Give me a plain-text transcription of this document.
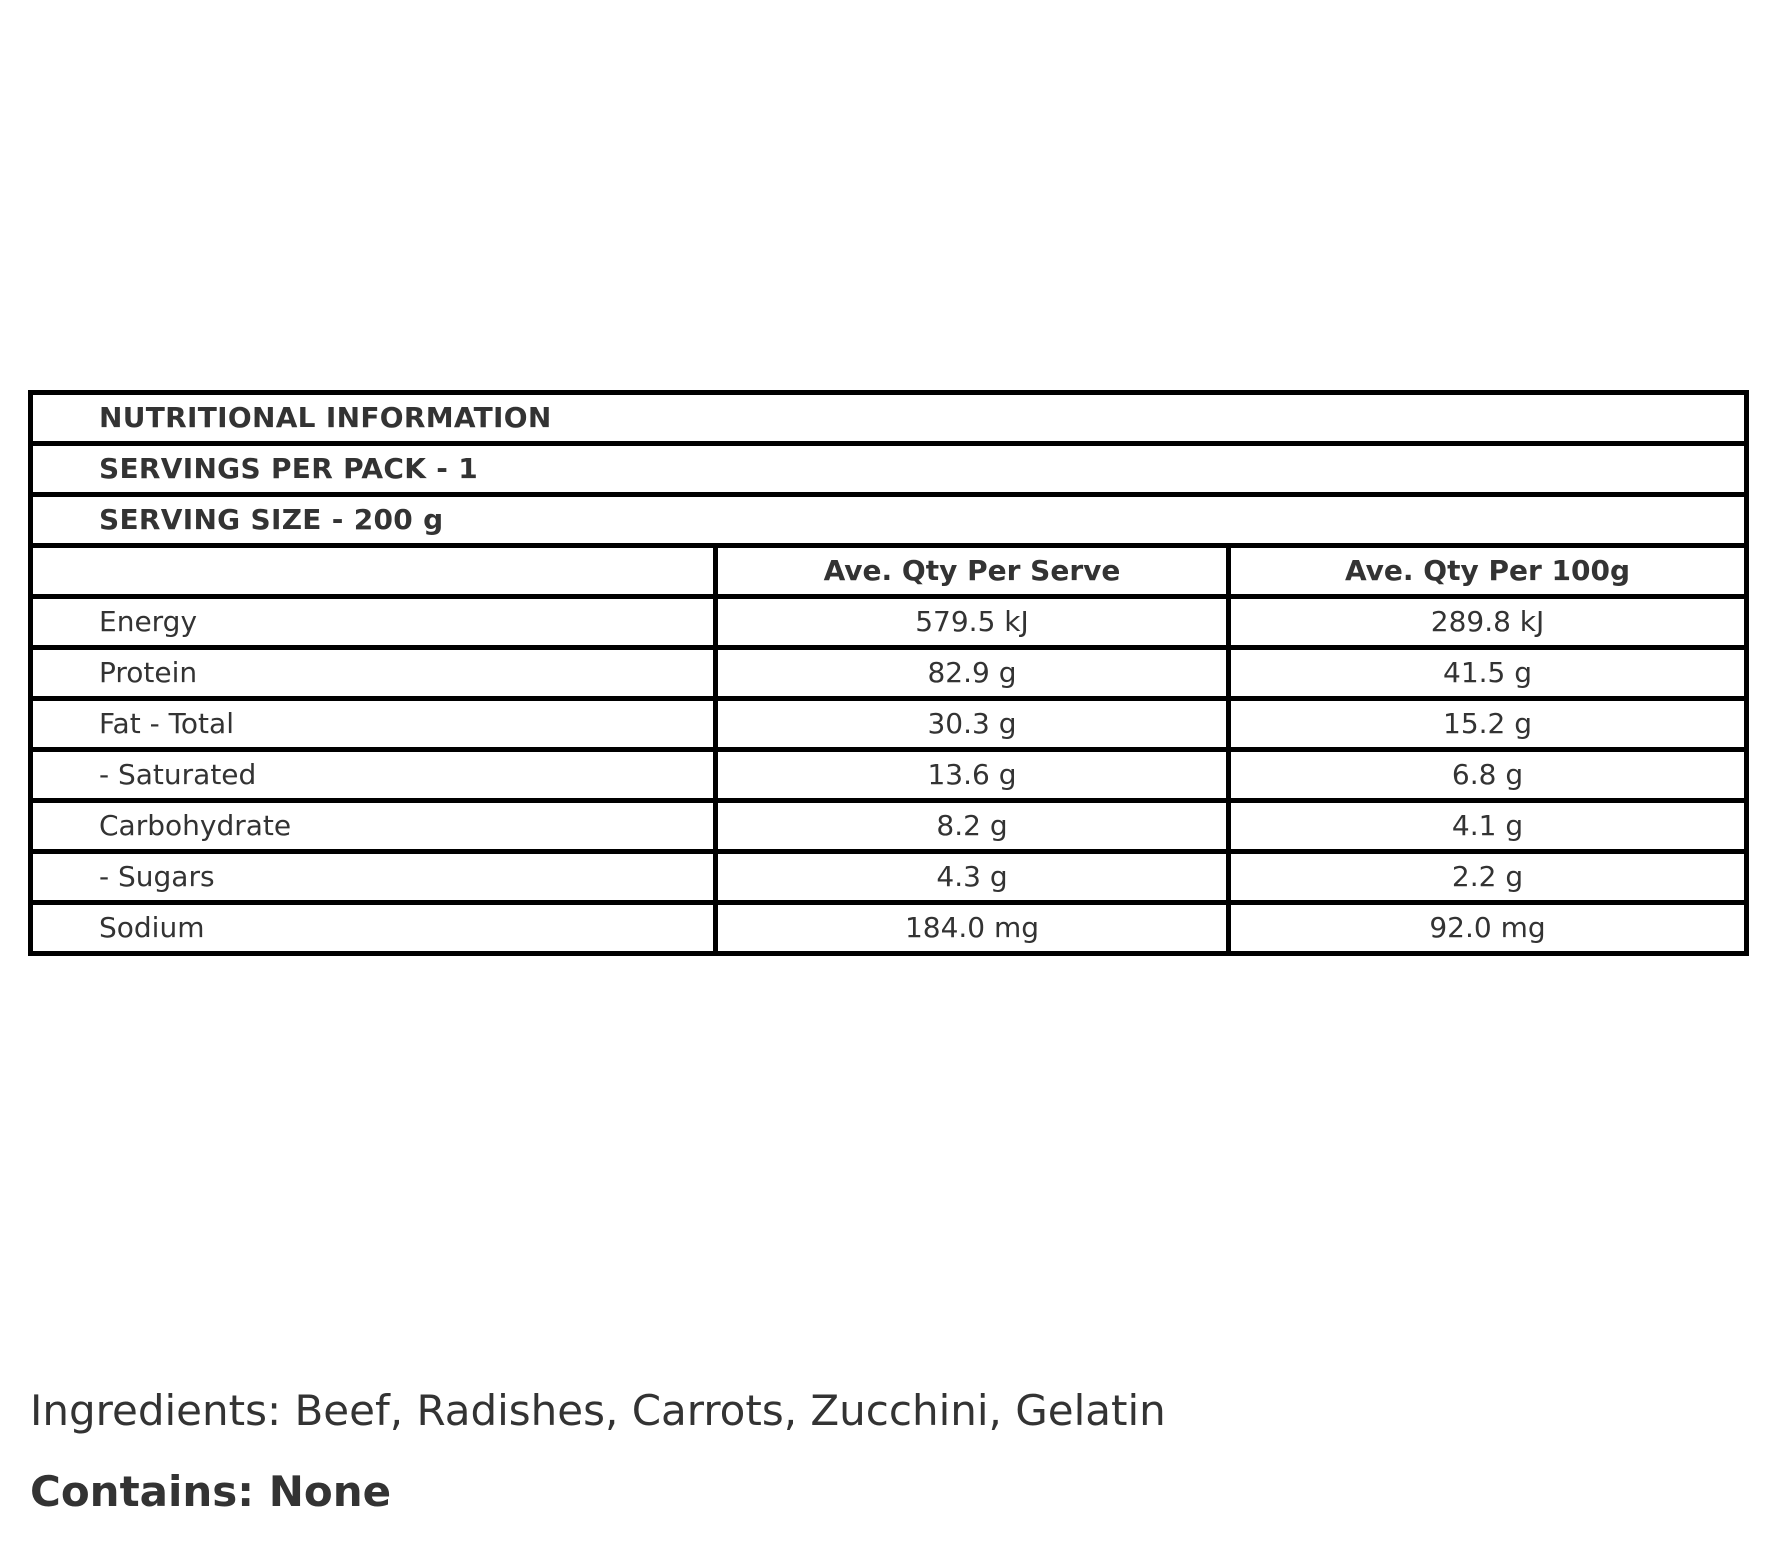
NUTRITIONAL INFORMATION		
SERVINGS PER PACK - 1		
SERVING SIZE - 200 g		
	Ave. Qty Per Serve	Ave. Qty Per 100g
Energy	579.5 kJ	289.8 kJ
Protein	82.9 g	41.5 g
Fat - Total	30.3 g	15.2 g
- Saturated	13.6 g	6.8 g
Carbohydrate	8.2 g	4.1 g
- Sugars	4.3 g	2.2 g
Sodium	184.0 mg	92.0 mg
Ingredients: Beef, Radishes, Carrots, Zucchini, Gelatin
Contains: None
